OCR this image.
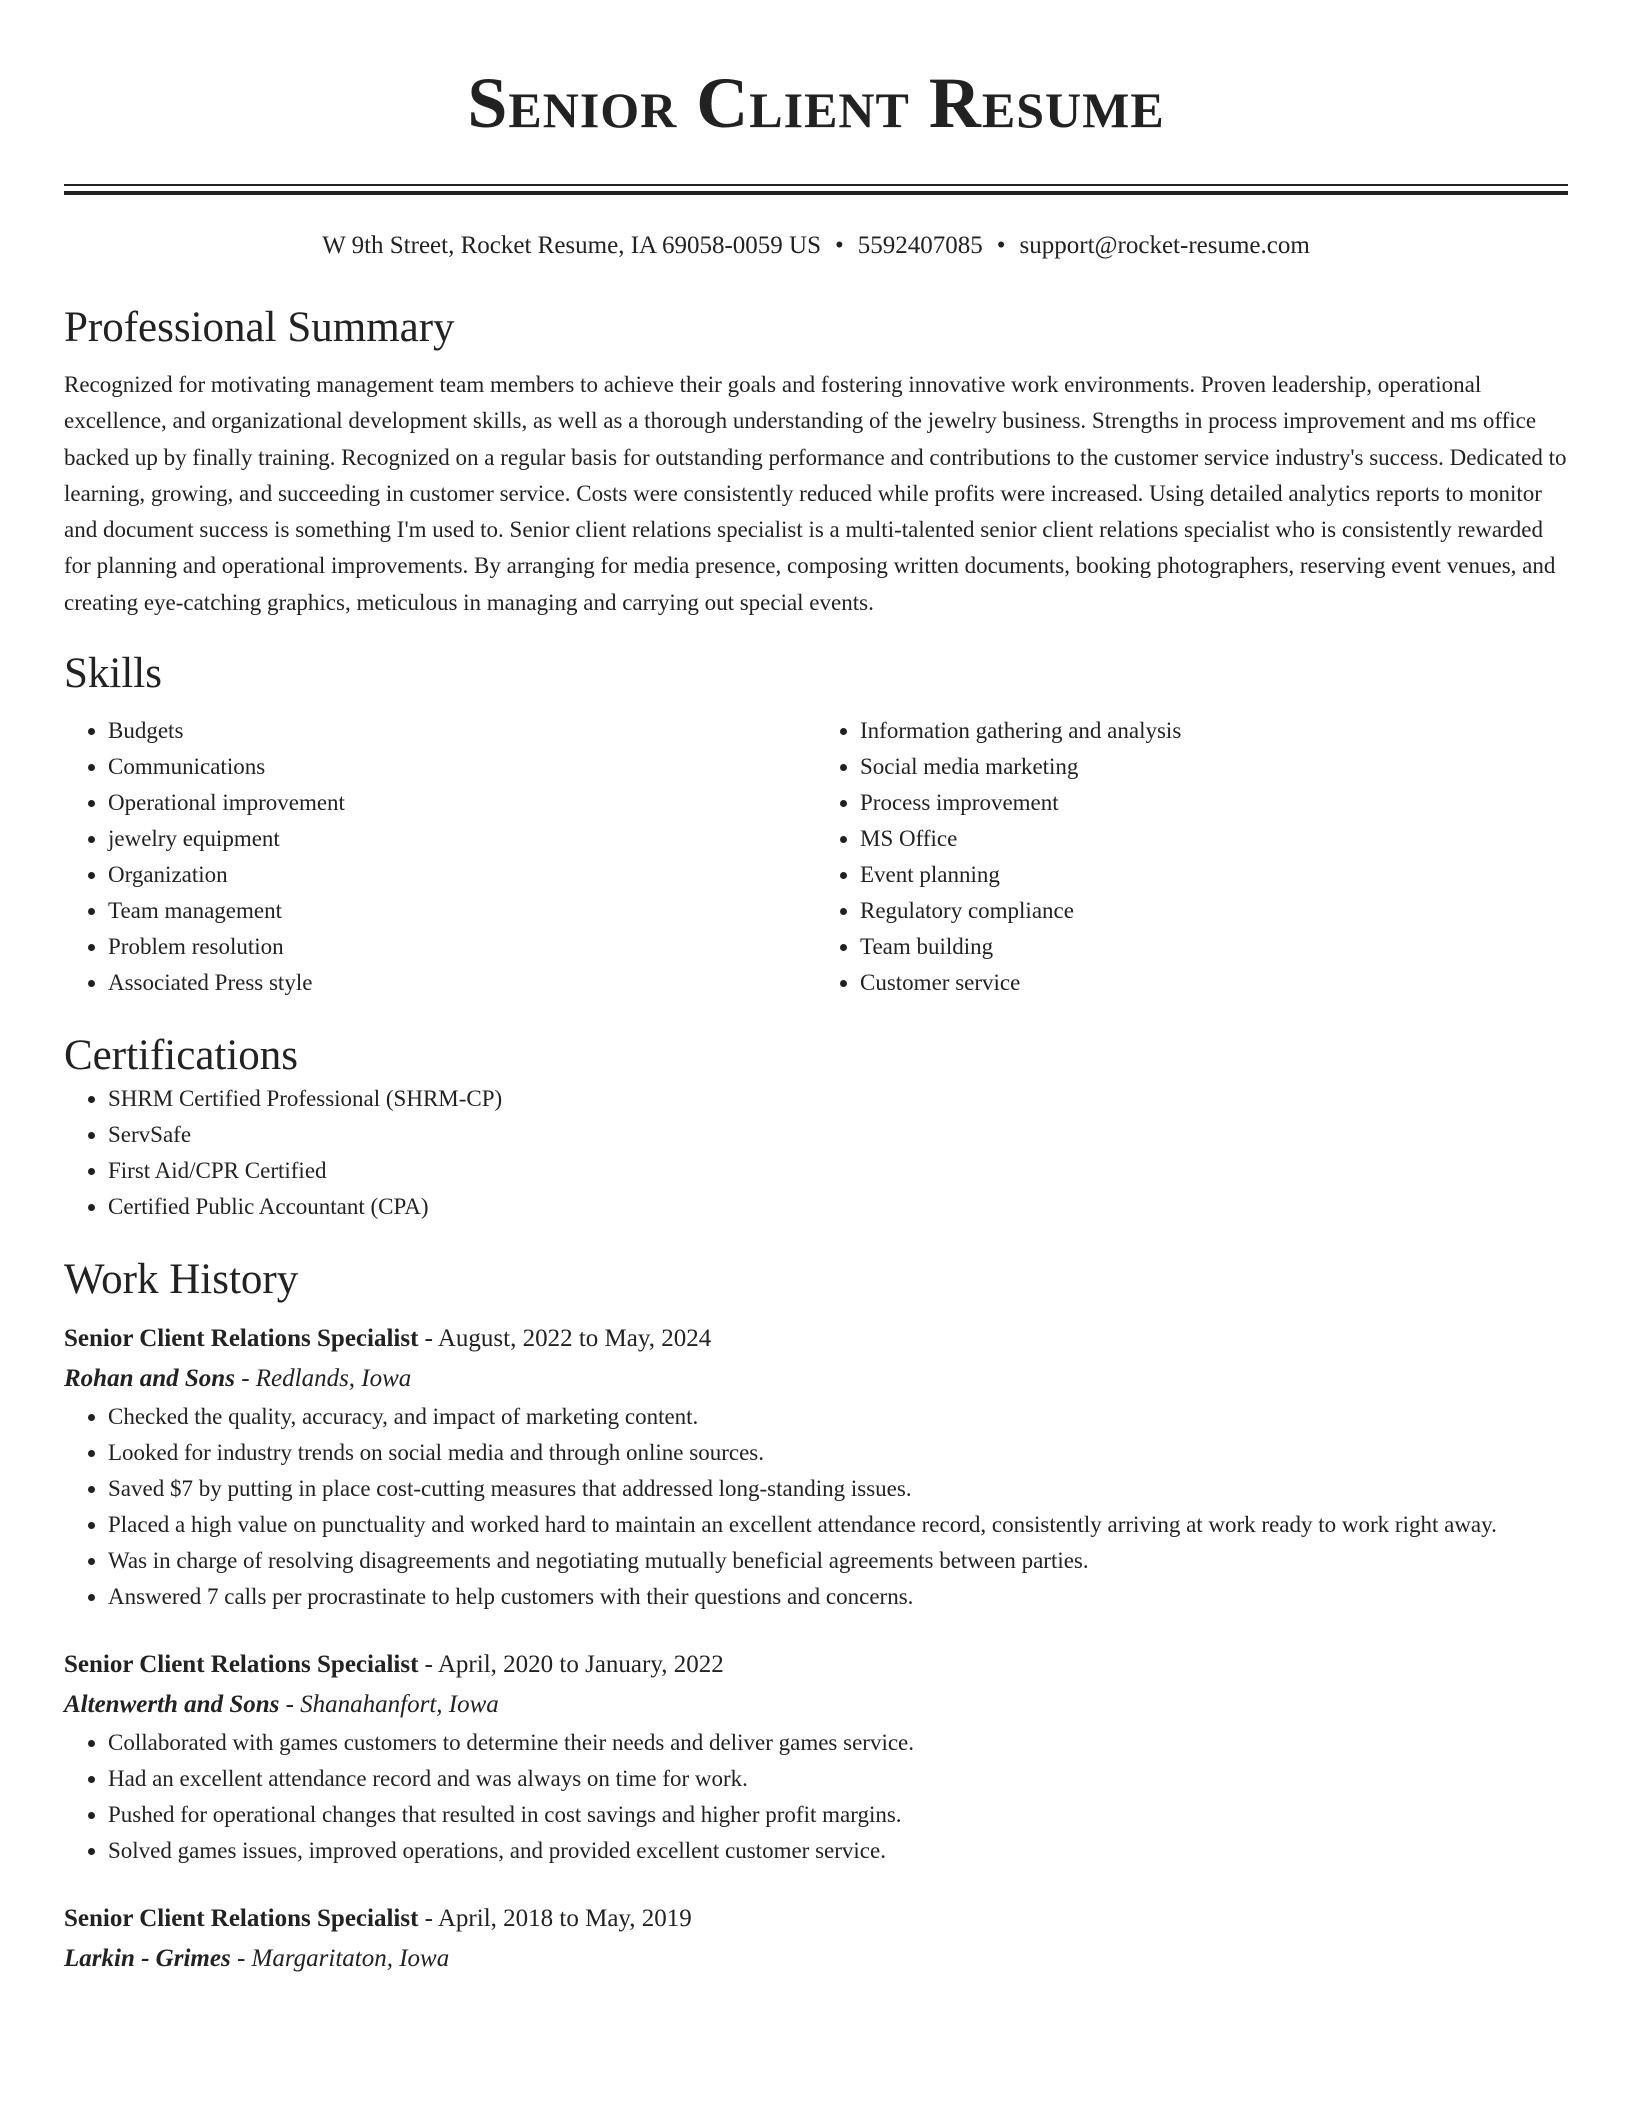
Senior Client Resume
W 9th Street, Rocket Resume, IA 69058-0059 US • 5592407085 • support@rocket-resume.com
Professional Summary

Recognized for motivating management team members to achieve their goals and fostering innovative work environments. Proven leadership, operational excellence, and organizational development skills, as well as a thorough understanding of the jewelry business. Strengths in process improvement and ms office backed up by finally training. Recognized on a regular basis for outstanding performance and contributions to the customer service industry's success. Dedicated to learning, growing, and succeeding in customer service. Costs were consistently reduced while profits were increased. Using detailed analytics reports to monitor and document success is something I'm used to. Senior client relations specialist is a multi-talented senior client relations specialist who is consistently rewarded for planning and operational improvements. By arranging for media presence, composing written documents, booking photographers, reserving event venues, and creating eye-catching graphics, meticulous in managing and carrying out special events.

Skills
• Budgets
• Communications
• Operational improvement
• jewelry equipment
• Organization
• Team management
• Problem resolution
• Associated Press style
• Information gathering and analysis
• Social media marketing
• Process improvement
• MS Office
• Event planning
• Regulatory compliance
• Team building
• Customer service
Certifications
• SHRM Certified Professional (SHRM-CP)
• ServSafe
• First Aid/CPR Certified
• Certified Public Accountant (CPA)
Work History
Senior Client Relations Specialist - August, 2022 to May, 2024
Rohan and Sons - Redlands, Iowa
• Checked the quality, accuracy, and impact of marketing content.
• Looked for industry trends on social media and through online sources.
• Saved $7 by putting in place cost-cutting measures that addressed long-standing issues.
• Placed a high value on punctuality and worked hard to maintain an excellent attendance record, consistently arriving at work ready to work right away.
• Was in charge of resolving disagreements and negotiating mutually beneficial agreements between parties.
• Answered 7 calls per procrastinate to help customers with their questions and concerns.
Senior Client Relations Specialist - April, 2020 to January, 2022
Altenwerth and Sons - Shanahanfort, Iowa
• Collaborated with games customers to determine their needs and deliver games service.
• Had an excellent attendance record and was always on time for work.
• Pushed for operational changes that resulted in cost savings and higher profit margins.
• Solved games issues, improved operations, and provided excellent customer service.
Senior Client Relations Specialist - April, 2018 to May, 2019
Larkin - Grimes - Margaritaton, Iowa
